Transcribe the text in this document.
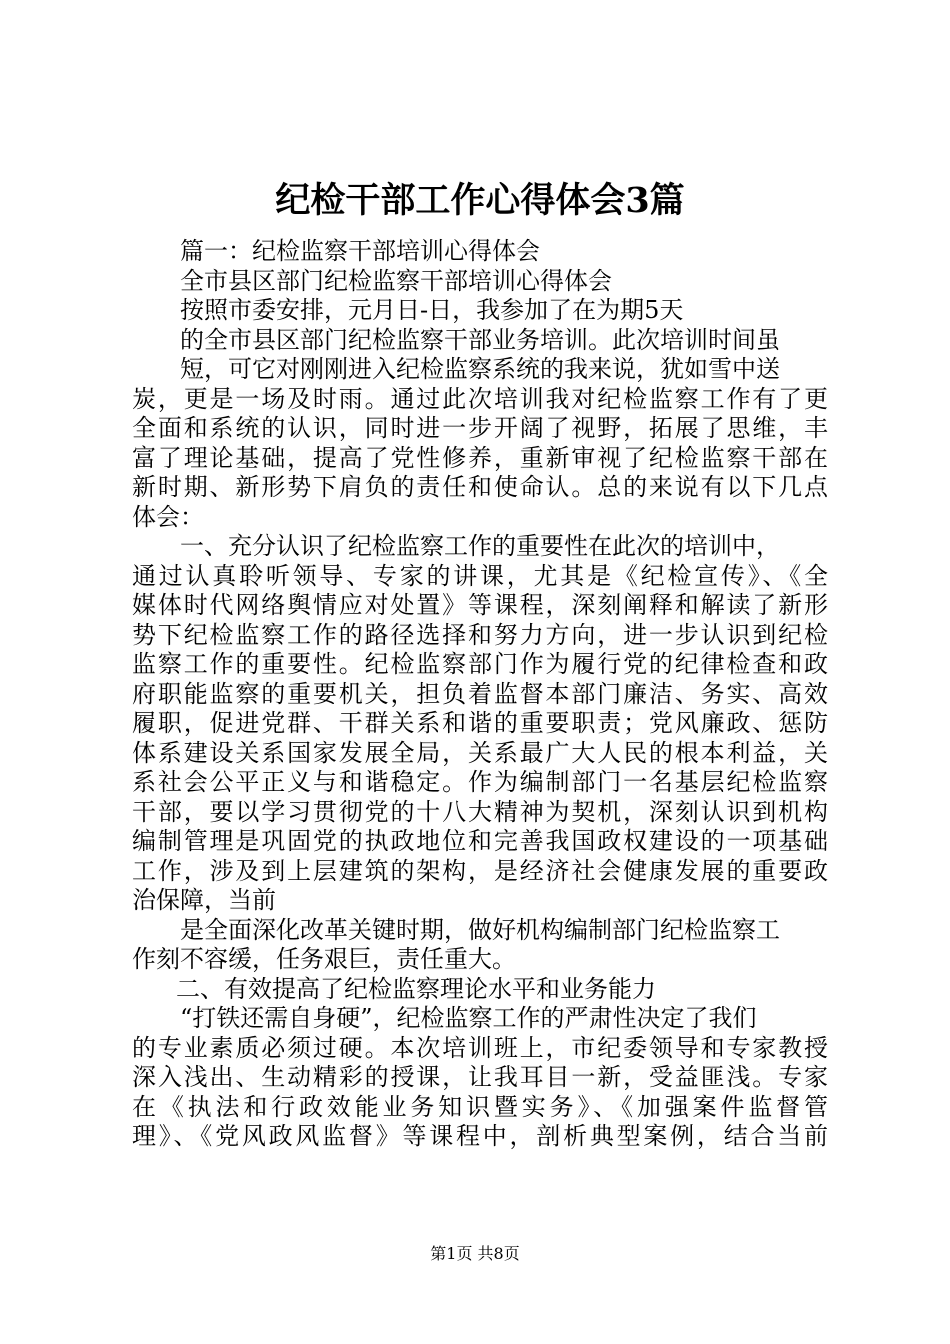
纪检干部工作心得体会3篇
篇一：纪检监察干部培训心得体会
全市县区部门纪检监察干部培训心得体会
按照市委安排，元月日-日，我参加了在为期5天
的全市县区部门纪检监察干部业务培训。此次培训时间虽
短，可它对刚刚进入纪检监察系统的我来说，犹如雪中送
炭，更是一场及时雨。通过此次培训我对纪检监察工作有了更
全面和系统的认识，同时进一步开阔了视野，拓展了思维，丰
富了理论基础，提高了党性修养，重新审视了纪检监察干部在
新时期、新形势下肩负的责任和使命认。总的来说有以下几点
体会：
一、充分认识了纪检监察工作的重要性在此次的培训中，
通过认真聆听领导、专家的讲课，尤其是《纪检宣传》、《全
媒体时代网络舆情应对处置》等课程，深刻阐释和解读了新形
势下纪检监察工作的路径选择和努力方向，进一步认识到纪检
监察工作的重要性。纪检监察部门作为履行党的纪律检查和政
府职能监察的重要机关，担负着监督本部门廉洁、务实、高效
履职，促进党群、干群关系和谐的重要职责；党风廉政、惩防
体系建设关系国家发展全局，关系最广大人民的根本利益，关
系社会公平正义与和谐稳定。作为编制部门一名基层纪检监察
干部，要以学习贯彻党的十八大精神为契机，深刻认识到机构
编制管理是巩固党的执政地位和完善我国政权建设的一项基础
工作，涉及到上层建筑的架构，是经济社会健康发展的重要政
治保障，当前
是全面深化改革关键时期，做好机构编制部门纪检监察工
作刻不容缓，任务艰巨，责任重大。
二、有效提高了纪检监察理论水平和业务能力
“打铁还需自身硬”，纪检监察工作的严肃性决定了我们
的专业素质必须过硬。本次培训班上，市纪委领导和专家教授
深入浅出、生动精彩的授课，让我耳目一新，受益匪浅。专家
在《执法和行政效能业务知识暨实务》、《加强案件监督管
理》、《党风政风监督》等课程中，剖析典型案例，结合当前
第1页 共8页
